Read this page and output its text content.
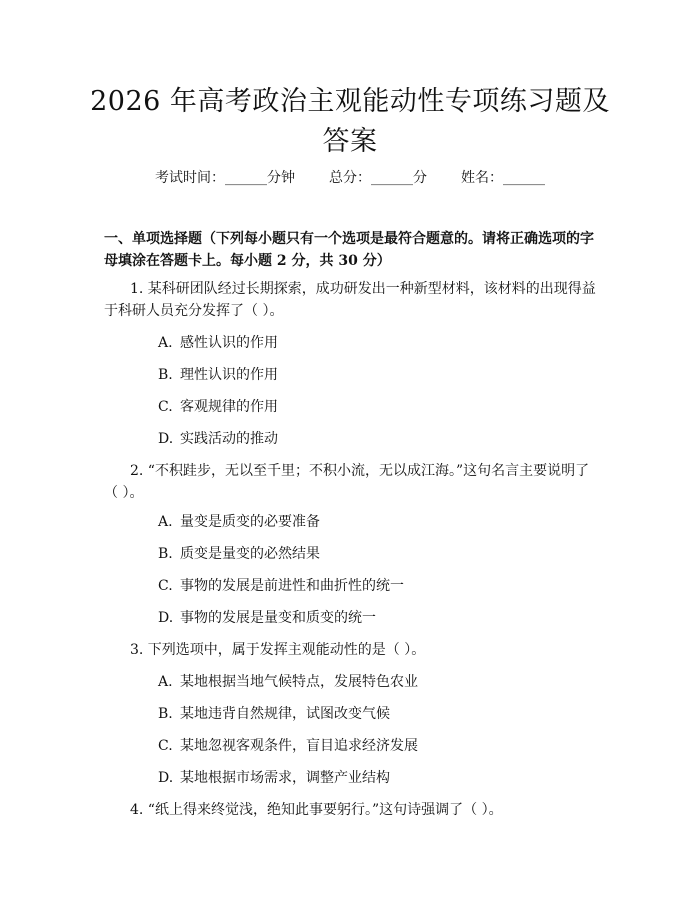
2026 年高考政治主观能动性专项练习题及答案
考试时间：______分钟 总分：______分 姓名：______
一、单项选择题（下列每小题只有一个选项是最符合题意的。请将正确选项的字母填涂在答题卡上。每小题 2 分，共 30 分）
1. 某科研团队经过长期探索，成功研发出一种新型材料，该材料的出现得益于科研人员充分发挥了（ ）。
A. 感性认识的作用
B. 理性认识的作用
C. 客观规律的作用
D. 实践活动的推动
2. “不积跬步，无以至千里；不积小流，无以成江海。”这句名言主要说明了（ ）。
A. 量变是质变的必要准备
B. 质变是量变的必然结果
C. 事物的发展是前进性和曲折性的统一
D. 事物的发展是量变和质变的统一
3. 下列选项中，属于发挥主观能动性的是（ ）。
A. 某地根据当地气候特点，发展特色农业
B. 某地违背自然规律，试图改变气候
C. 某地忽视客观条件，盲目追求经济发展
D. 某地根据市场需求，调整产业结构
4. “纸上得来终觉浅，绝知此事要躬行。”这句诗强调了（ ）。
